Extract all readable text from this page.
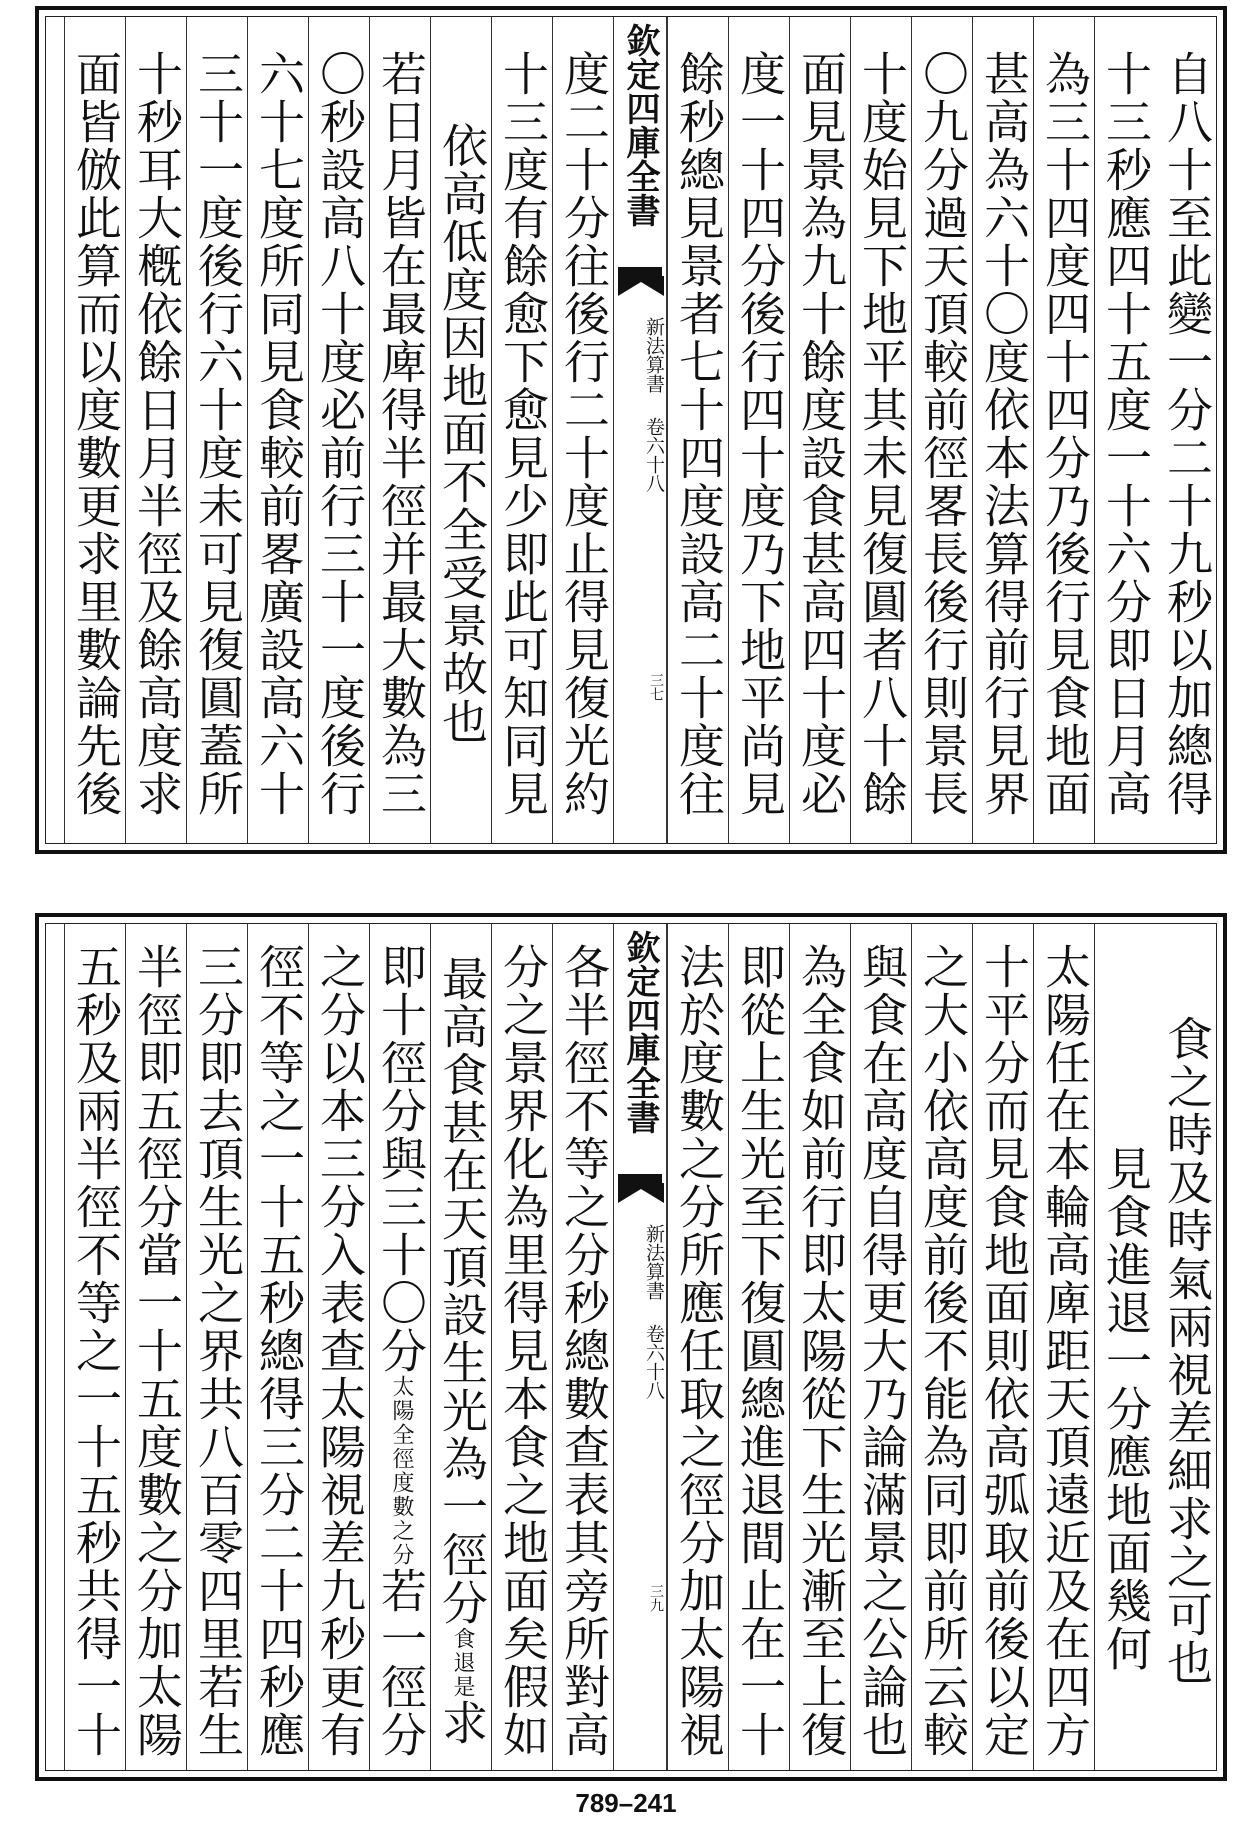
自八十至此變一分二十九秒以加總得
十三秒應四十五度一十六分即日月高
為三十四度四十四分乃後行見食地面
甚高為六十〇度依本法算得前行見界
〇九分過天頂較前徑畧長後行則景長
十度始見下地平其未見復圓者八十餘
面見景為九十餘度設食甚高四十度必
度一十四分後行四十度乃下地平尚見
餘秒總見景者七十四度設高二十度往
欽定四庫全書
新法算書
卷六十八
三七
度二十分往後行二十度止得見復光約
十三度有餘愈下愈見少即此可知同見
依高低度因地面不全受景故也
若日月皆在最庳得半徑并最大數為三
〇秒設高八十度必前行三十一度後行
六十七度所同見食較前畧廣設高六十
三十一度後行六十度未可見復圓蓋所
十秒耳大槪依餘日月半徑及餘高度求
面皆倣此算而以度數更求里數論先後
食之時及時氣兩視差細求之可也
見食進退一分應地面幾何
太陽任在本輪高庳距天頂遠近及在四方
十平分而見食地面則依高弧取前後以定
之大小依高度前後不能為同即前所云較
與食在高度自得更大乃論滿景之公論也
為全食如前行即太陽從下生光漸至上復
即從上生光至下復圓總進退間止在一十
法於度數之分所應任取之徑分加太陽視
欽定四庫全書
新法算書
卷六十八
三九
各半徑不等之分秒總數查表其旁所對高
分之景界化為里得見本食之地面矣假如
最高食甚在天頂設生光為一徑分食退是求
即十徑分與三十〇分太陽全徑度數之分若一徑分
之分以本三分入表查太陽視差九秒更有
徑不等之一十五秒總得三分二十四秒應
三分即去頂生光之界共八百零四里若生
半徑即五徑分當一十五度數之分加太陽
五秒及兩半徑不等之一十五秒共得一十
789–241
